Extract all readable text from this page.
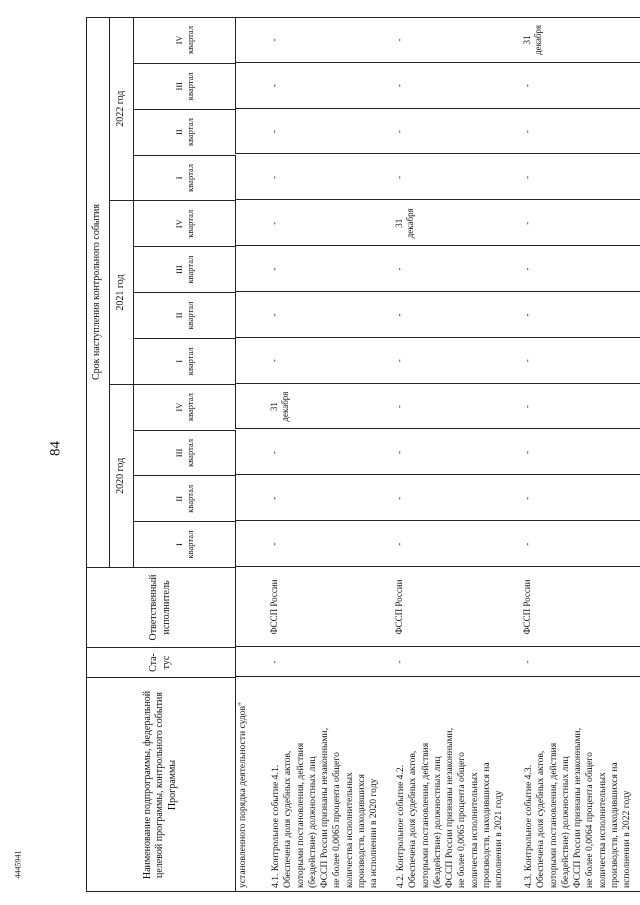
84
4445941	Наименование подпрограммы, федеральной целевой программы, контрольного события Программы
Ста-тус
Ответственный исполнитель
Срок наступления контрольного события
2020 год
2021 год
2022 год
I квартал
II квартал
III квартал
IV квартал
I квартал
II квартал
III квартал
IV квартал
I квартал
II квартал
III квартал
IV квартал
установленного порядка деятельности судов"	4.1. Контрольное событие 4.1.
Обеспечена доля судебных актов,
которыми постановления, действия
(бездействие) должностных лиц
ФССП России признаны незаконными,
не более 0,0065 процента общего
количества исполнительных
производств, находившихся
на исполнении в 2020 году
-
ФССП России
-
-
-
31
декабря
-
-
-
-
-
-
-
-
4.2. Контрольное событие 4.2.
Обеспечена доля судебных актов,
которыми постановления, действия
(бездействие) должностных лиц
ФССП России признаны незаконными,
не более 0,0065 процента общего
количества исполнительных
производств, находившихся на
исполнении в 2021 году
-
ФССП России
-
-
-
-
-
-
-
31
декабря
-
-
-
-
4.3. Контрольное событие 4.3.
Обеспечена доля судебных актов,
которыми постановления, действия
(бездействие) должностных лиц
ФССП России признаны незаконными,
не более 0,0064 процента общего
количества исполнительных
производств, находившихся на
исполнении в 2022 году
-
ФССП России
-
-
-
-
-
-
-
-
-
-
-
31
декабря
